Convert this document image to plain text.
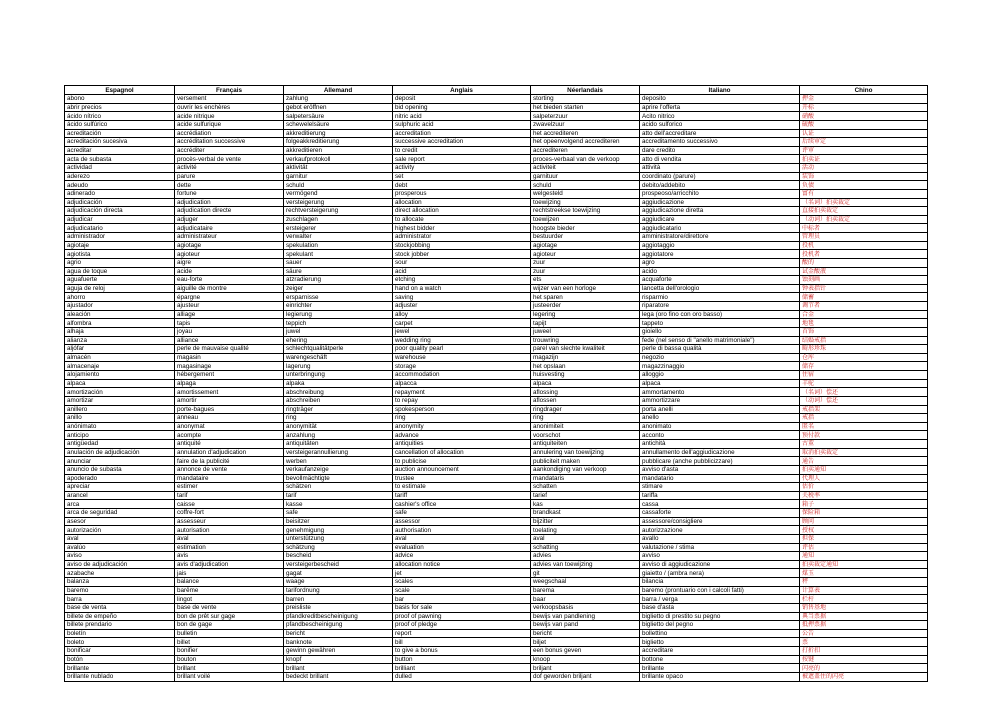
Espagnol	Français	Allemand	Anglais	Néerlandais	Italiano	Chino
abono	versement	zahlung	deposit	storting	deposito	押金
abrir precios	ouvrir les enchères	gebot eröffnen	bid opening	het bieden starten	aprire l'offerta	开标
ácido nítrico	acide nitrique	salpetersäure	nitric acid	salpeterzuur	Acito nitrico	硝酸
ácido sulfúrico	acide sulfurique	schewelelsäure	sulphuric acid	zwavelzuur	acido sulforico	硫酸
acreditación	accrédiation	akkreditierung	accreditation	het accrediteren	atto dell'accreditare	认证
acreditación sucesiva	accréditation successive	folgeakkreditierung	successive accreditation	het opeenvolgend accrediteren	accreditamento successivo	后续审定
acreditar	accréditer	akkreditieren	to credit	accrediteren	dare credito	评审
acta de subasta	procès-verbal de vente	verkaufprotokoll	sale report	proces-verbaal van de verkoop	atto di vendita	拍卖证
actividad	activité	aktivität	activity	activiteit	attività	活动
aderezo	parure	garnitur	set	garnituur	coordinato (parure)	装饰
adeudo	dette	schuld	debt	schuld	debito/addebito	负债
adinerado	fortune	vermögend	prosperous	welgesteld	prospeoso/arricchito	富有
adjudicación	adjudication	versteigerung	allocation	toewijzing	aggiudicazione	（名词）拍卖裁定
adjudicación directa	adjudication directe	rechtversteigerung	direct allocation	rechtstreekse toewijzing	aggiudicazione diretta	直接拍卖裁定
adjudicar	adjuger	zuschlagen	to allocate	toewijzen	aggiudicare	（动词）拍卖裁定
adjudicatario	adjudicataire	ersteigerer	highest bidder	hoogste bieder	aggiudicatario	中标者
administrador	administrateur	verwalter	administrator	bestuurder	amministratore/direttore	管理员
agiotaje	agiotage	spekulation	stockjobbing	agiotage	aggiotaggio	投机
agiotista	agioteur	spekulant	stock jobber	agioteur	aggiotatore	投机者
agrio	aigre	sauer	sour	zuur	agro	酸的
agua de toque	acide	säure	acid	zuur	acido	试金酸液
aguafuerte	eau-forte	atzradierung	etching	ets	acquaforte	蚀刻画
aguja de reloj	aiguille de montre	zeiger	hand on a watch	wijzer van een horloge	lancetta dell'orologio	钟表指针
ahorro	épargne	ersparnisse	saving	het sparen	risparmio	储蓄
ajustador	ajusteur	einrichter	adjuster	justeerder	riparatore	调节者
aleación	alliage	legierung	alloy	legering	lega (oro fino con oro basso)	合金
alfombra	tapis	teppich	carpet	tapijt	tappeto	地毯
alhaja	joyau	juwel	jewel	juweel	gioiello	首饰
alianza	alliance	ehering	wedding ring	trouwring	fede (nel senso di "anello matrimoniale")	结婚戒指
aljófar	perle de mauvaise qualité	schlechtqualitätperle	poor quality pearl	parel van slechte kwaliteit	perle di bassa qualità	畸形珍珠
almacén	magasin	warengeschäft	warehouse	magazijn	negozio	仓库
almacenaje	magasinage	lagerung	storage	het opslaan	magazzinaggio	储存
alojamiento	hébergement	unterbringung	accommodation	huisvesting	alloggio	住宿
alpaca	alpaga	alpaka	alpacca	alpaca	alpaca	羊驼
amortización	amortissement	abschreibung	repayment	aflossing	ammortamento	（名词）偿还
amortizar	amortir	abschreiben	to repay	aflossen	ammortizzare	（动词）偿还
anillero	porte-bagues	ringträger	spokesperson	ringdrager	porta anelli	戒指架
anillo	anneau	ring	ring	ring	anello	戒指
anónimato	anonymat	anonymität	anonymity	anonimiteit	anonimato	匿名
anticipo	acompte	anzahlung	advance	voorschot	acconto	预付款
antigüedad	antiquité	antiquitäten	antiquities	antiquiteiten	antichità	古董
anulación de adjudicación	annulation d'adjudication	versteigerannullierung	cancellation of allocation	annulering van toewijzing	annullamento dell'aggiudicazione	取消拍卖裁定
anunciar	faire de la publicité	werben	to publicise	publiciteit maken	pubblicare (anche pubblicizzare)	通告
anuncio de subasta	annonce de vente	verkaufanzeige	auction announcement	aankondiging van verkoop	avviso d'asta	拍卖通知
apoderado	mandataire	bevollmächtigte	trustee	mandataris	mandatario	代理人
apreciar	estimer	schätzen	to estimate	schatten	stimare	估价
arancel	tarif	tarif	tariff	tarief	tariffa	关税率
arca	caisse	kasse	cashier's office	kas	cassa	箱子
arca de seguridad	coffre-fort	safe	safe	brandkast	cassaforte	保险箱
asesor	assesseur	beisitzer	assessor	bijzitter	assessore/consigliere	顾问
autorización	autorisation	genehmigung	authorisation	toelating	autorizzazione	授权
aval	aval	unterstützung	aval	aval	avallo	担保
avalúo	estimation	schätzung	evaluation	schatting	valutazione / stima	评估
aviso	avis	bescheid	advice	advies	avviso	通知
aviso de adjudicación	avis d'adjudication	versteigerbescheid	allocation notice	advies van toewijzing	avviso di aggiudicazione	拍卖裁定通知
azabache	jais	gagat	jet	git	giaietto / (ambra nera)	煤玉
balanza	balance	waage	scales	weegschaal	bilancia	秤
baremo	barême	tarifordnung	scale	barema	baremo (prontuario con i calcoli fatti)	计算表
barra	lingot	barren	bar	baar	barra / verga	栏杆
base de venta	base de vente	preisliste	basis for sale	verkoopsbasis	base d'asta	销售基地
billete de empeño	bon de prêt sur gage	pfandkreditbescheinigung	proof of pawning	bewijs van pandlening	biglietto di prestito su pegno	典当票据
billete prendario	bon de gage	pfandbescheinigung	proof of pledge	bewijs van pand	biglietto del pegno	抵押票据
boletín	bulletin	bericht	report	bericht	bollettino	公告
boleto	billet	banknote	bill	biljet	biglietto	票
bonificar	bonifier	gewinn gewähren	to give a bonus	een bonus geven	accreditare	打折扣
botón	bouton	knopf	button	knoop	bottone	按键
brillante	brillant	brillant	brilliant	briljant	brillante	闪亮的
brillante nublado	brillant voilé	bedeckt brillant	dulled	dof geworden briljant	brillante opaco	被遮盖住的闪亮
